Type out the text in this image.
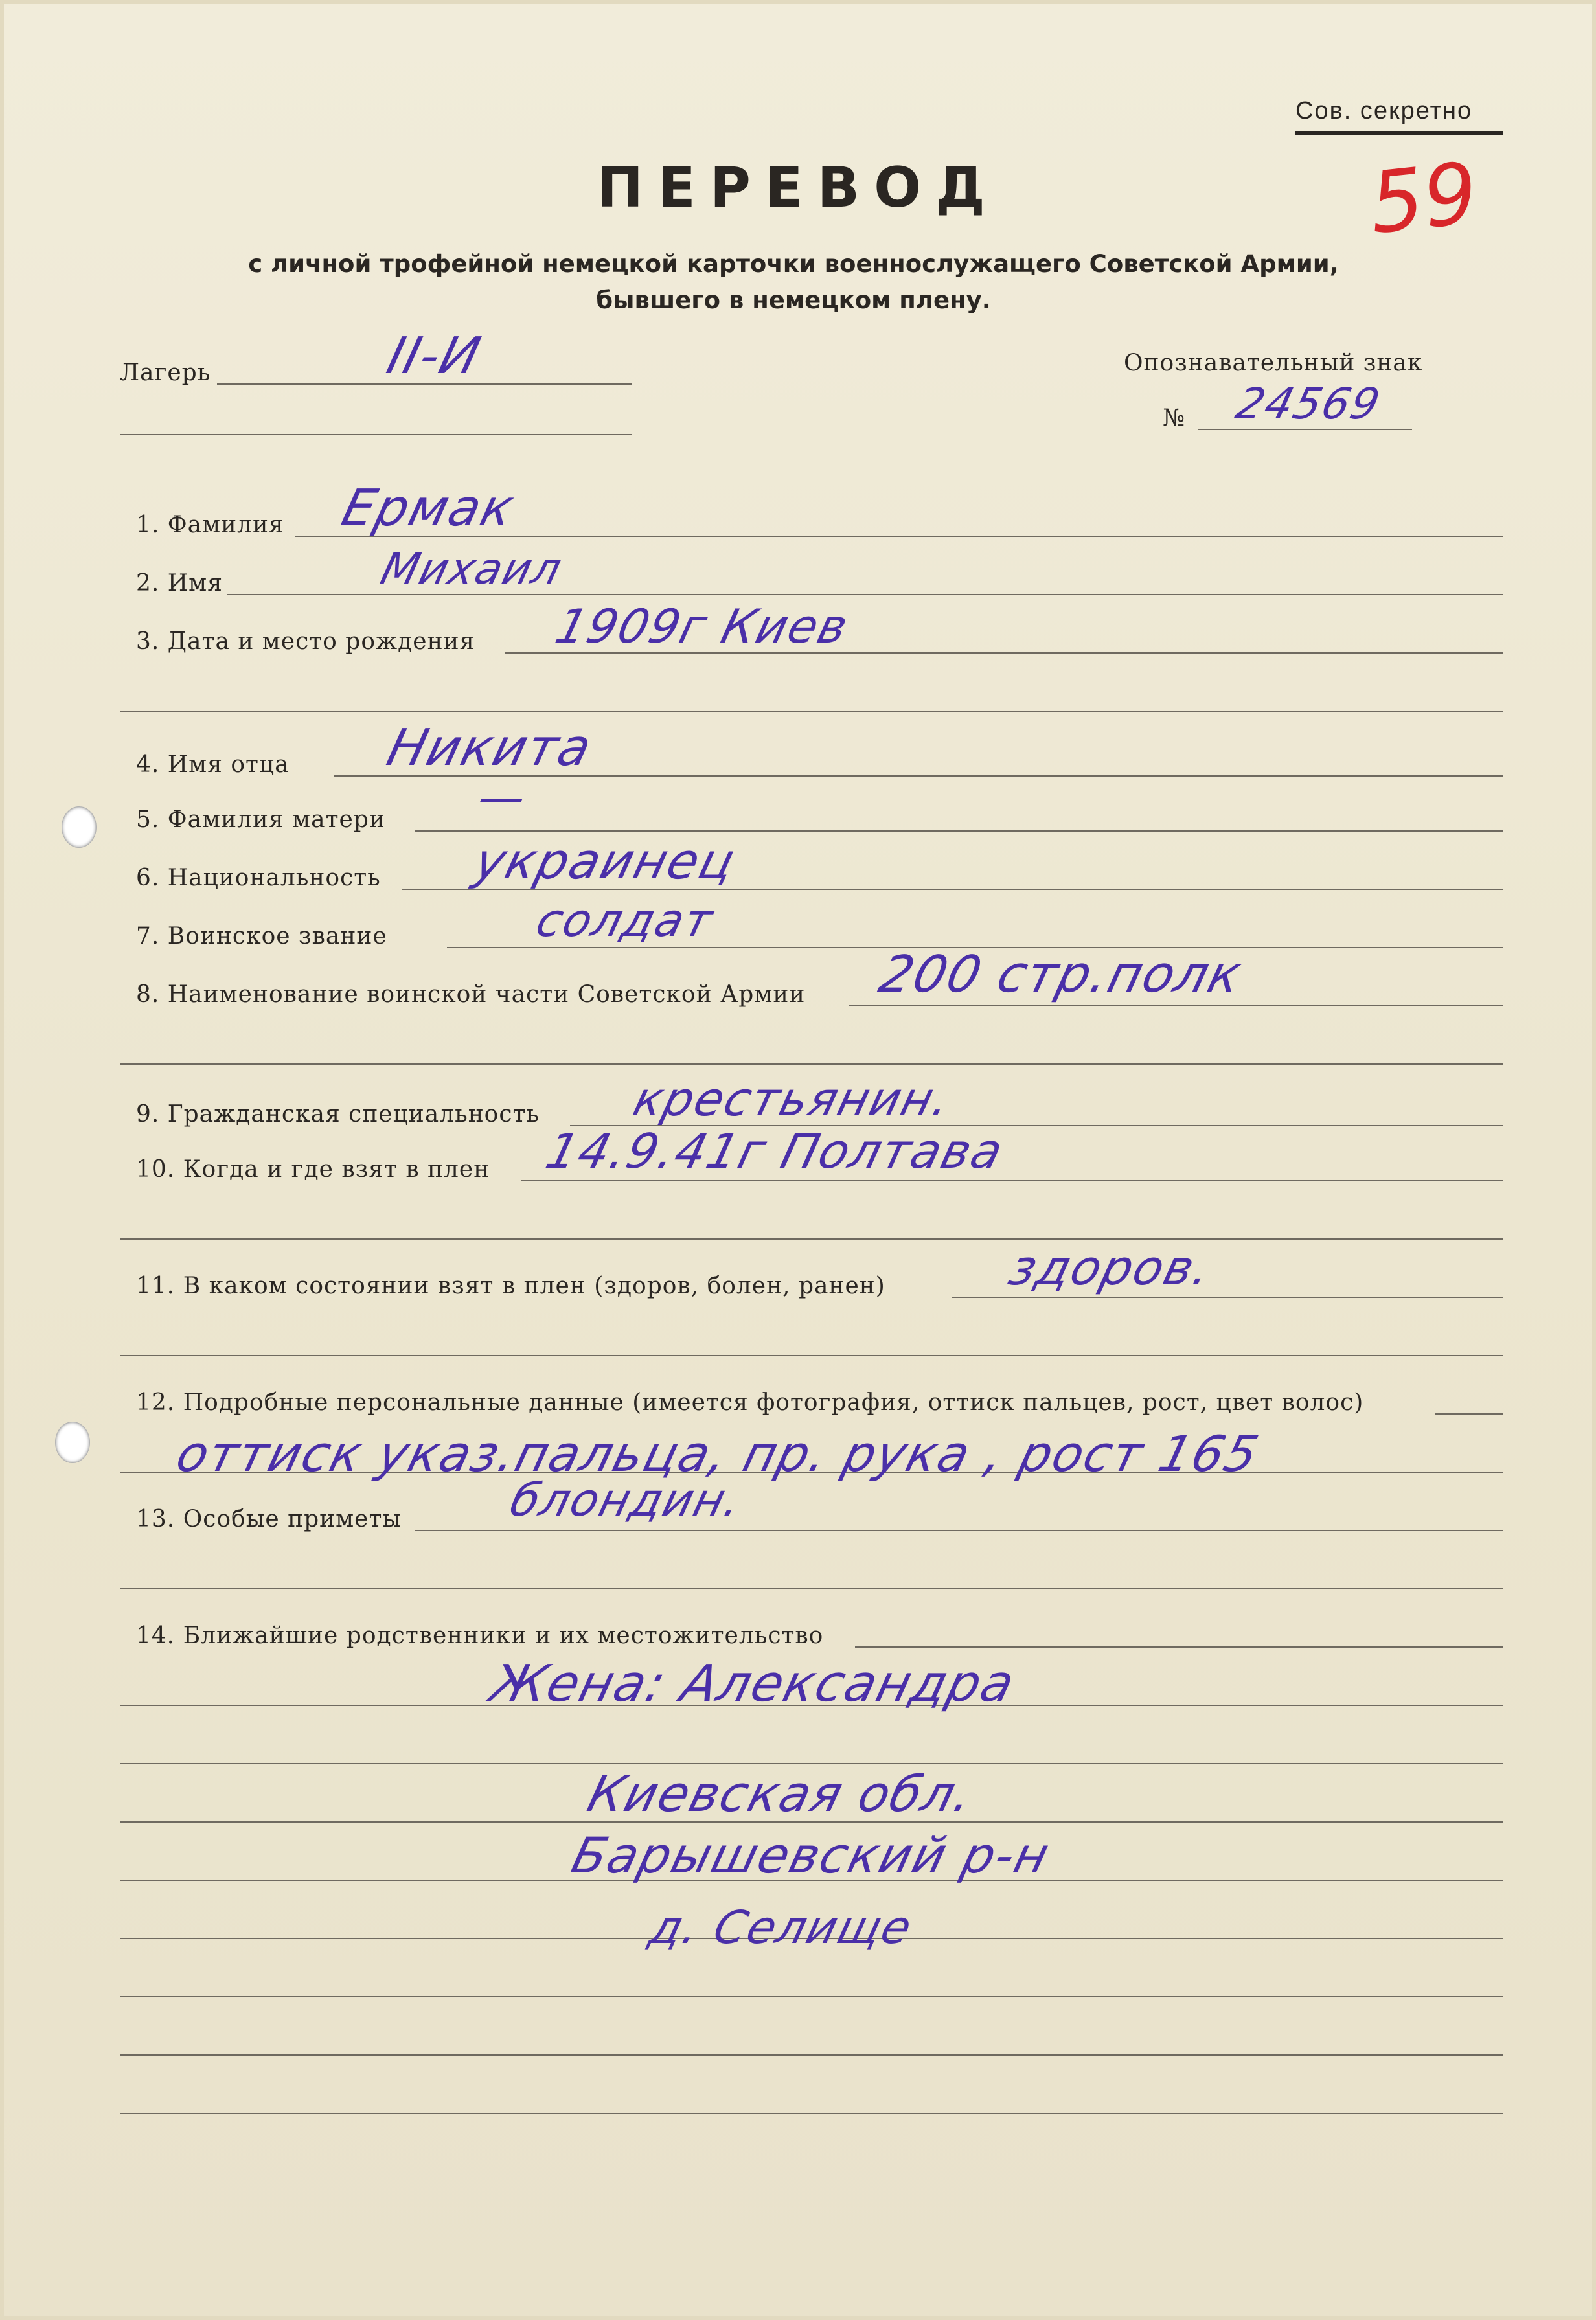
Сов. секретно
59
ПЕРЕВОД
с личной трофейной немецкой карточки военнослужащего Советской Армии,
бывшего в немецком плену.
Лагерь	II-И	Опознавательный знак
№ 24569
1. Фамилия Ермак
2. Имя	Михаил
3. Дата и место рождения 1909г Киев
4. Имя отца Никита
5. Фамилия матери —
6. Национальность украинец
7. Воинское звание	солдат
8. Наименование воинской части Советской Армии 200 стр.полк
9. Гражданская специальность крестьянин.
10. Когда и где взят в плен 14.9.41г Полтава
11. В каком состоянии взят в плен (здоров, болен, ранен) здоров.
12. Подробные персональные данные (имеется фотография, оттиск пальцев, рост, цвет волос)
оттиск указ.пальца, пр. рука , рост 165
13. Особые приметы блондин.
14. Ближайшие родственники и их местожительство
Жена: Александра
Киевская обл.
Барышевский р-н
д. Селище
